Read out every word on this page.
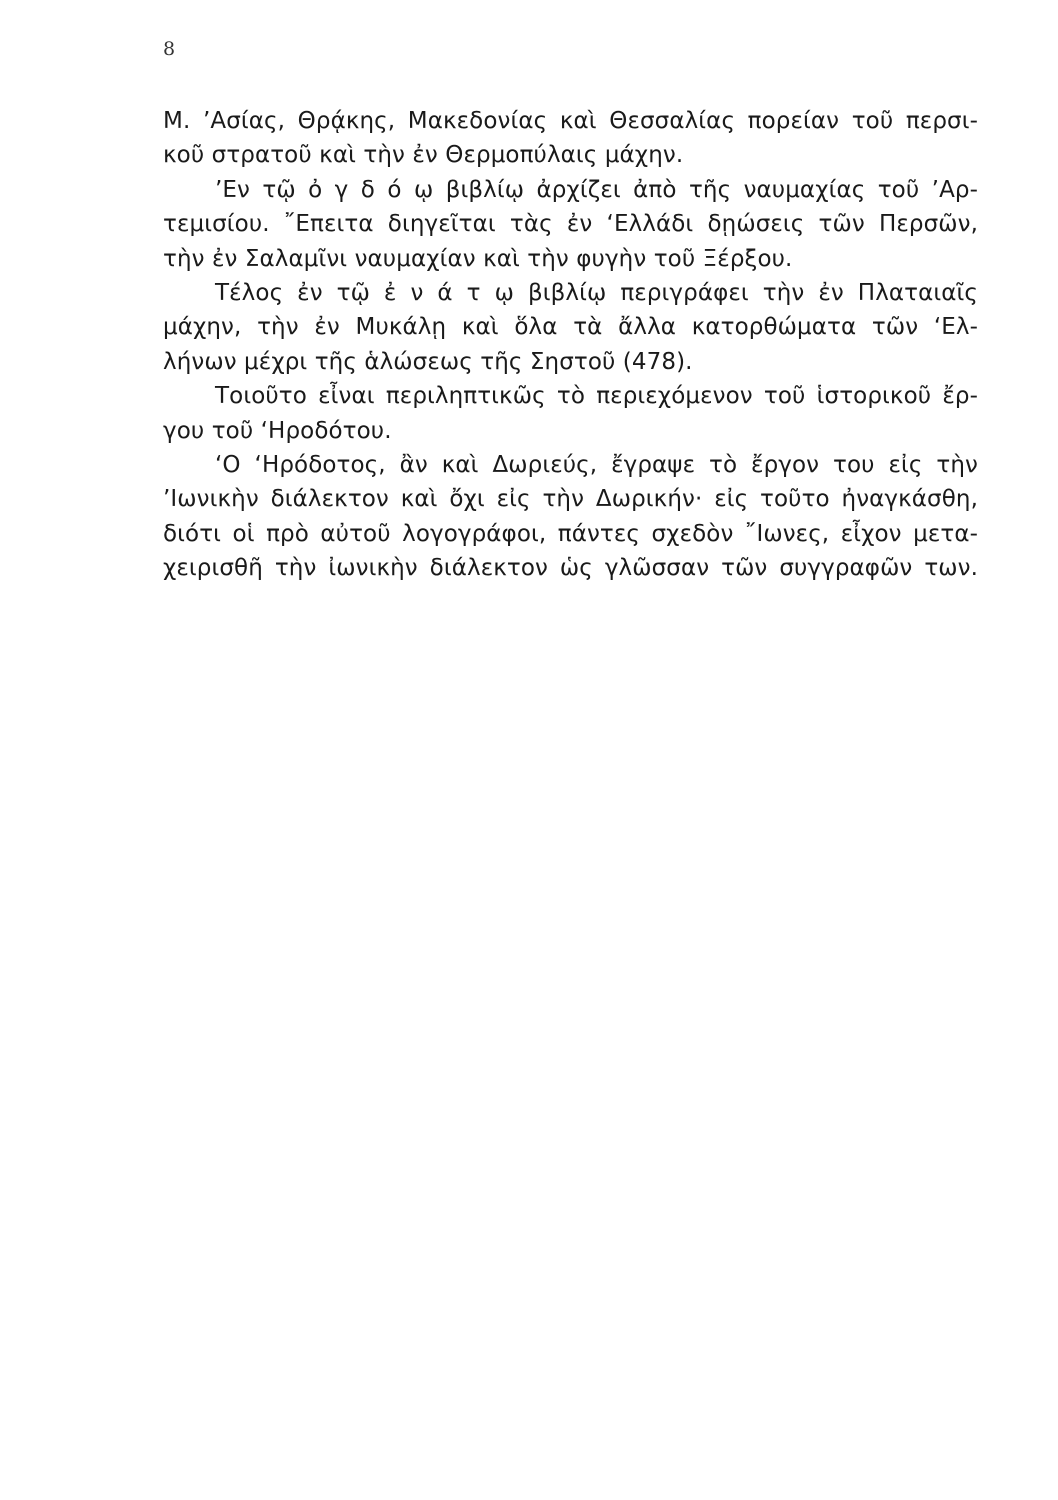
8
Μ. ’Ασίας, Θρᾴκης, Μακεδονίας καὶ Θεσσαλίας πορείαν τοῦ περσι-
κοῦ στρατοῦ καὶ τὴν ἐν Θερμοπύλαις μάχην.
’Εν τῷ ὀ γ δ ό ῳ βιβλίῳ ἀρχίζει ἀπὸ τῆς ναυμαχίας τοῦ ’Αρ-
τεμισίου. ῎Επειτα διηγεῖται τὰς ἐν ‘Ελλάδι δῃώσεις τῶν Περσῶν,
τὴν ἐν Σαλαμῖνι ναυμαχίαν καὶ τὴν φυγὴν τοῦ Ξέρξου.
Τέλος ἐν τῷ ἐ ν ά τ ῳ βιβλίῳ περιγράφει τὴν ἐν Πλαταιαῖς
μάχην, τὴν ἐν Μυκάλῃ καὶ ὅλα τὰ ἄλλα κατορθώματα τῶν ‘Ελ-
λήνων μέχρι τῆς ἁλώσεως τῆς Σηστοῦ (478).
Τοιοῦτο εἶναι περιληπτικῶς τὸ περιεχόμενον τοῦ ἱστορικοῦ ἔρ-
γου τοῦ ‘Ηροδότου.
‘Ο ‘Ηρόδοτος, ἂν καὶ Δωριεύς, ἔγραψε τὸ ἔργον του εἰς τὴν
’Ιωνικὴν διάλεκτον καὶ ὄχι εἰς τὴν Δωρικήν· εἰς τοῦτο ἠναγκάσθη,
διότι οἱ πρὸ αὐτοῦ λογογράφοι, πάντες σχεδὸν ῎Ιωνες, εἶχον μετα-
χειρισθῆ τὴν ἰωνικὴν διάλεκτον ὡς γλῶσσαν τῶν συγγραφῶν των.
